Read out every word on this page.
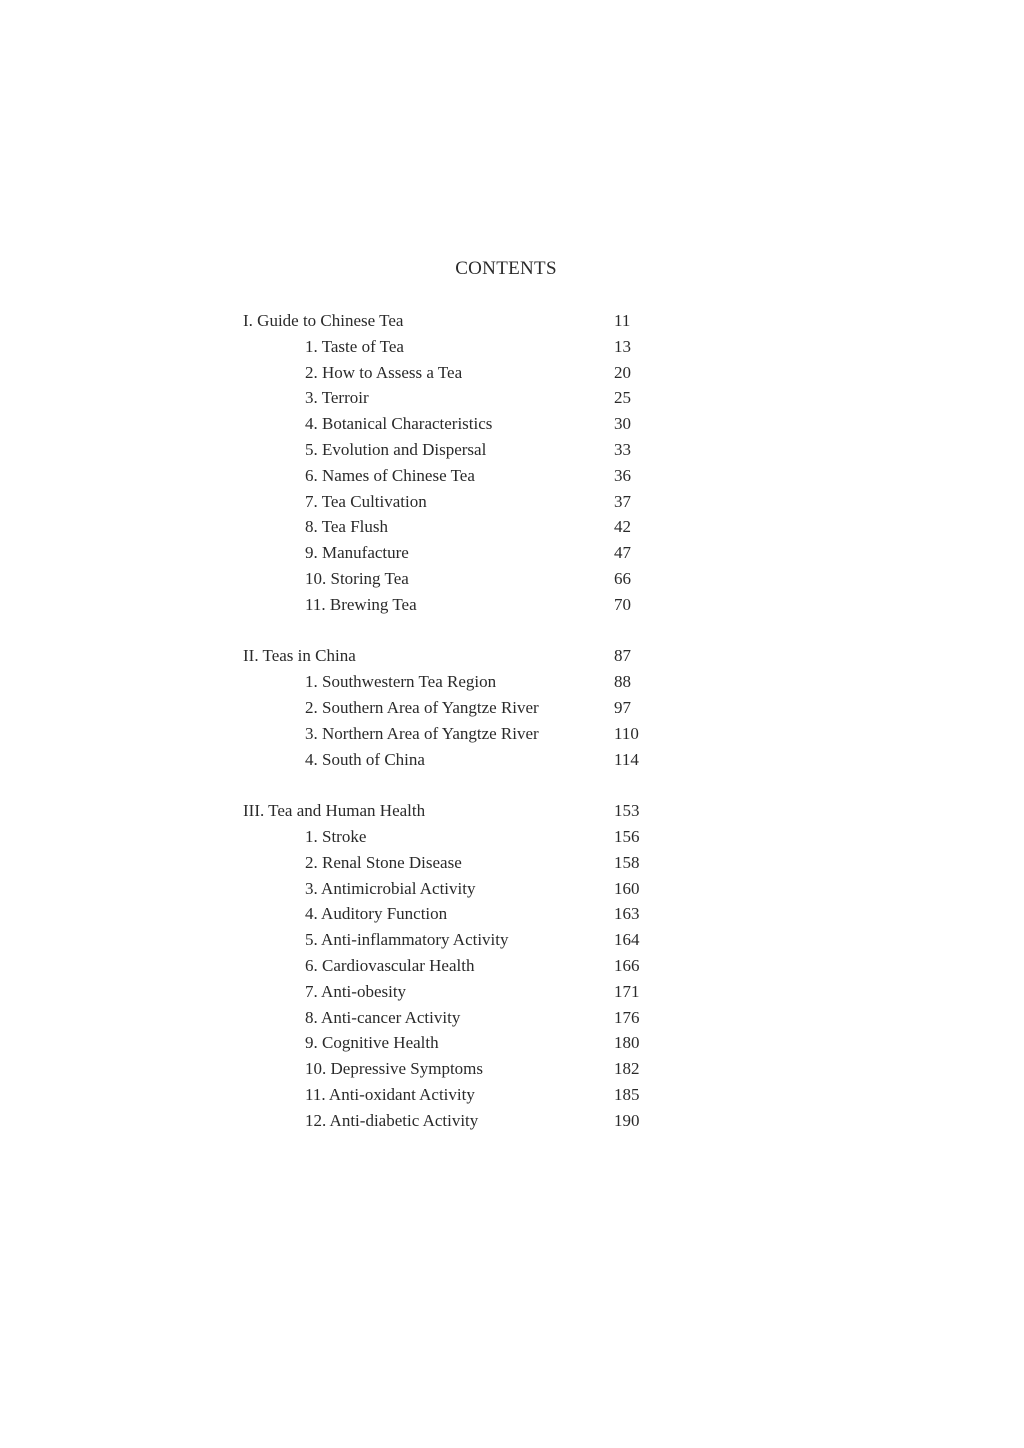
CONTENTS
I. Guide to Chinese Tea	11
1. Taste of Tea	13
2. How to Assess a Tea	20
3. Terroir	25
4. Botanical Characteristics	30
5. Evolution and Dispersal	33
6. Names of Chinese Tea	36
7. Tea Cultivation	37
8. Tea Flush	42
9. Manufacture	47
10. Storing Tea	66
11. Brewing Tea	70
II. Teas in China	87
1. Southwestern Tea Region	88
2. Southern Area of Yangtze River	97
3. Northern Area of Yangtze River	110
4. South of China	114
III. Tea and Human Health	153
1. Stroke	156
2. Renal Stone Disease	158
3. Antimicrobial Activity	160
4. Auditory Function	163
5. Anti-inflammatory Activity	164
6. Cardiovascular Health	166
7. Anti-obesity	171
8. Anti-cancer Activity	176
9. Cognitive Health	180
10. Depressive Symptoms	182
11. Anti-oxidant Activity	185
12. Anti-diabetic Activity	190
